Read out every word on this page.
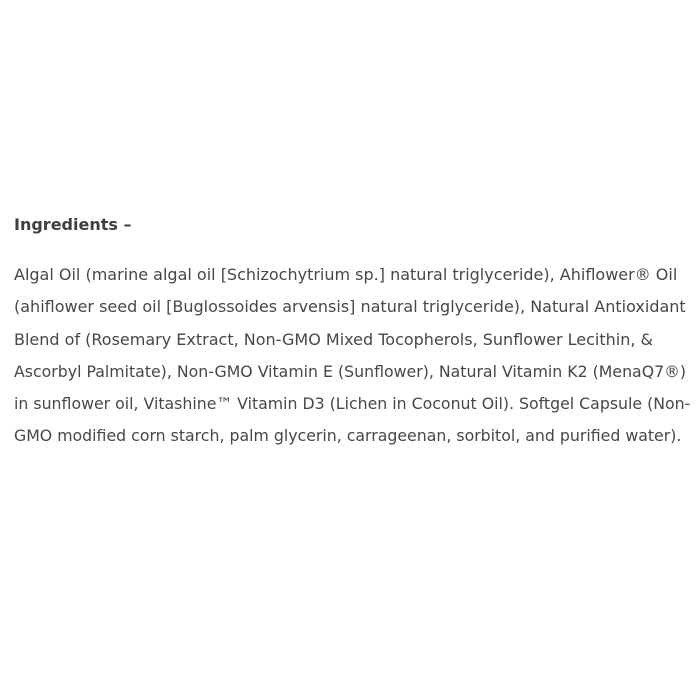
Ingredients –

Algal Oil (marine algal oil [Schizochytrium sp.] natural triglyceride), Ahiflower® Oil
(ahiflower seed oil [Buglossoides arvensis] natural triglyceride), Natural Antioxidant
Blend of (Rosemary Extract, Non-GMO Mixed Tocopherols, Sunflower Lecithin, &
Ascorbyl Palmitate), Non-GMO Vitamin E (Sunflower), Natural Vitamin K2 (MenaQ7®)
in sunflower oil, Vitashine™ Vitamin D3 (Lichen in Coconut Oil). Softgel Capsule (Non-
GMO modified corn starch, palm glycerin, carrageenan, sorbitol, and purified water).
